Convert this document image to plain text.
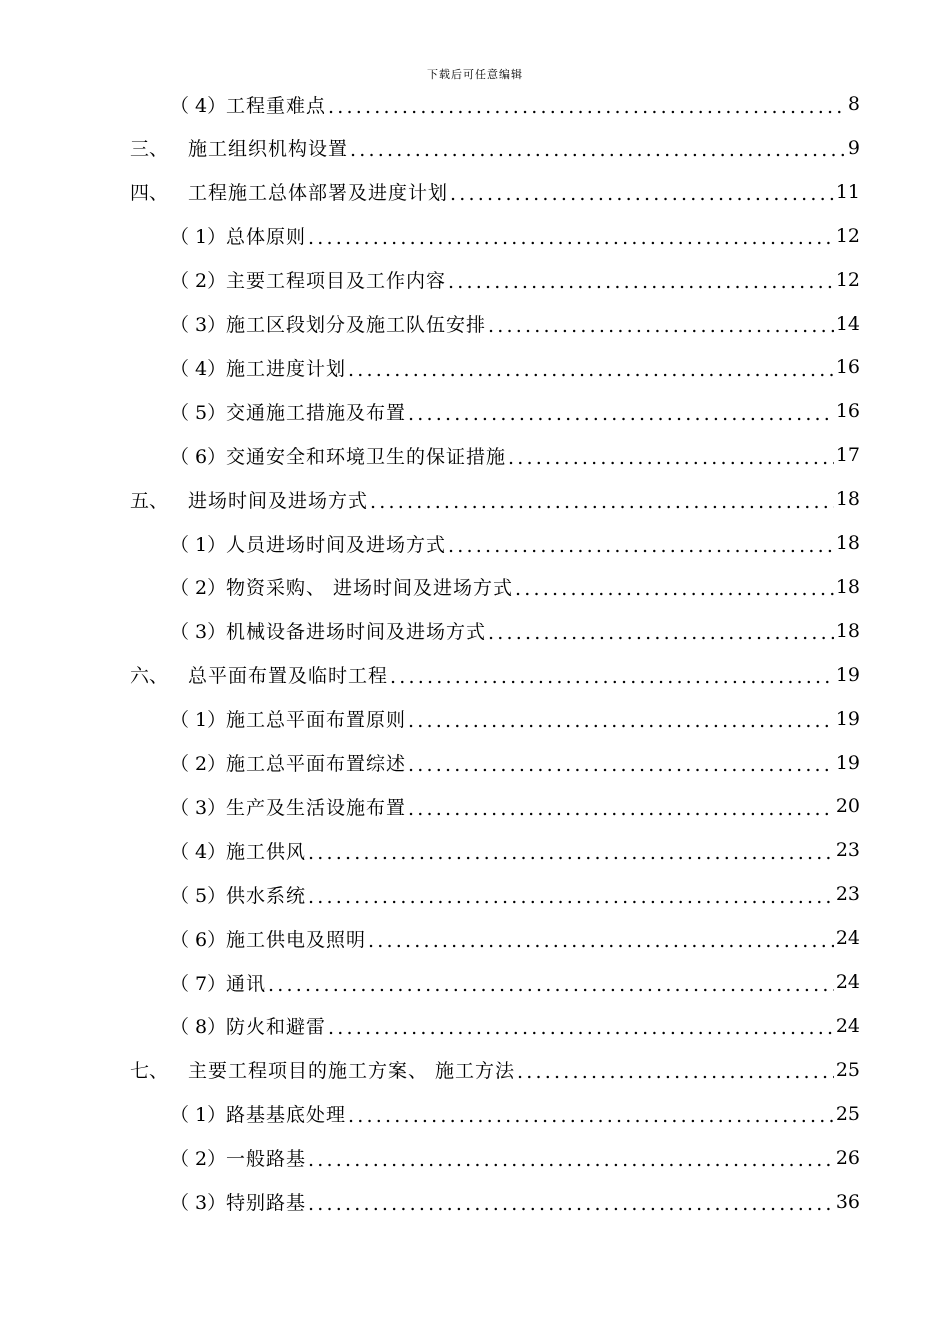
下载后可任意编辑
（ 4） 工程重难点 .....	8
三、	施工组织机构设置 .....	9
四、	工程施工总体部署及进度计划 .....	11
（ 1） 总体原则 .....	12
（ 2） 主要工程项目及工作内容 .....	12
（ 3） 施工区段划分及施工队伍安排 .....	14
（ 4） 施工进度计划 .....	16
（ 5） 交通施工措施及布置 .....	16
（ 6） 交通安全和环境卫生的保证措施 .....	17
五、	进场时间及进场方式 .....	18
（ 1） 人员进场时间及进场方式 .....	18
（ 2） 物资采购、 进场时间及进场方式 .....	18
（ 3） 机械设备进场时间及进场方式 .....	18
六、	总平面布置及临时工程 .....	19
（ 1） 施工总平面布置原则 .....	19
（ 2） 施工总平面布置综述 .....	19
（ 3） 生产及生活设施布置 .....	20
（ 4） 施工供风 .....	23
（ 5） 供水系统 .....	23
（ 6） 施工供电及照明 .....	24
（ 7） 通讯 .....	24
（ 8） 防火和避雷 .....	24
七、	主要工程项目的施工方案、 施工方法 .....	25
（ 1） 路基基底处理 .....	25
（ 2） 一般路基 .....	26
（ 3） 特别路基 .....	36
